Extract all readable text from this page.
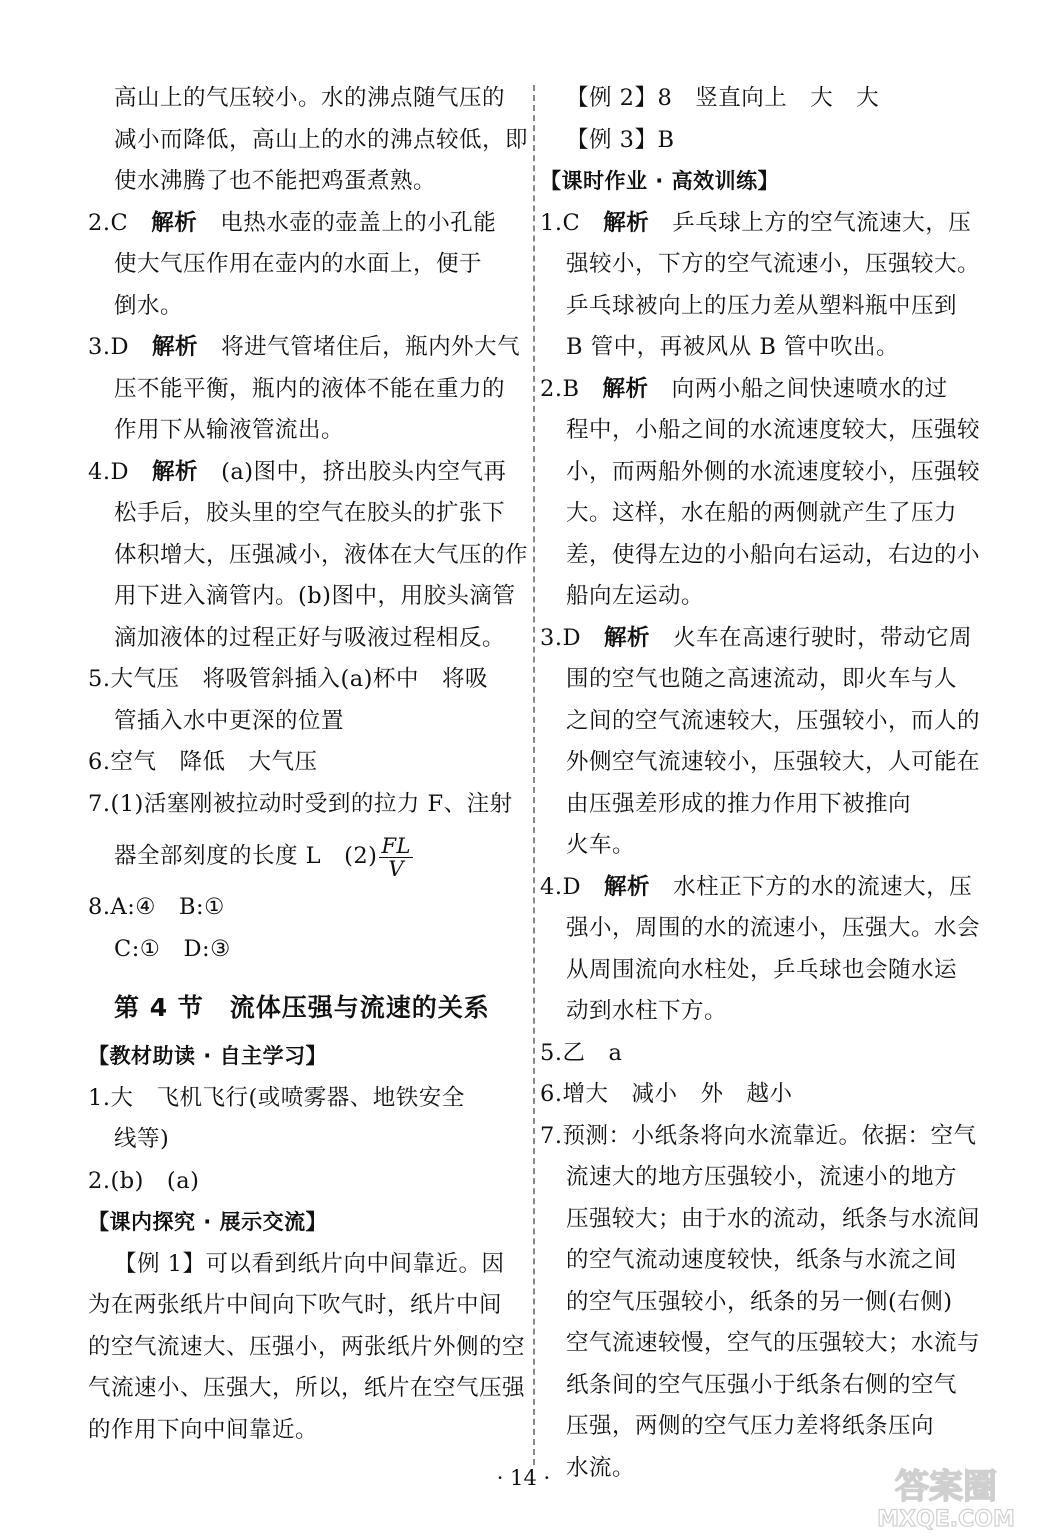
高山上的气压较小。水的沸点随气压的
减小而降低，高山上的水的沸点较低，即
使水沸腾了也不能把鸡蛋煮熟。
2.C　 解析　 电热水壶的壶盖上的小孔能
使大气压作用在壶内的水面上，便于
倒水。
3.D　 解析　 将进气管堵住后，瓶内外大气
压不能平衡，瓶内的液体不能在重力的
作用下从输液管流出。
4.D　 解析　 (a)图中，挤出胶头内空气再
松手后，胶头里的空气在胶头的扩张下
体积增大，压强减小，液体在大气压的作
用下进入滴管内。(b)图中，用胶头滴管
滴加液体的过程正好与吸液过程相反。
5.大气压　将吸管斜插入(a)杯中　将吸
管插入水中更深的位置
6.空气　降低　大气压
7.(1)活塞刚被拉动时受到的拉力 F、注射
器全部刻度的长度 L　$(2) \frac{FL}{V}$
8.A:④　B:①
C:①　D:③
第 4 节　流体压强与流速的关系
【教材助读 · 自主学习】
1.大　飞机飞行(或喷雾器、地铁安全
线等)
2.(b)　(a)
【课内探究 · 展示交流】
【例 1】可以看到纸片向中间靠近。因
为在两张纸片中间向下吹气时，纸片中间
的空气流速大、压强小，两张纸片外侧的空
气流速小、压强大，所以，纸片在空气压强
的作用下向中间靠近。
【例 2】8　竖直向上　大　大
【例 3】B
【课时作业 · 高效训练】
1.C　 解析　 乒乓球上方的空气流速大，压
强较小，下方的空气流速小，压强较大。
乒乓球被向上的压力差从塑料瓶中压到
B 管中，再被风从 B 管中吹出。
2.B　 解析　 向两小船之间快速喷水的过
程中，小船之间的水流速度较大，压强较
小，而两船外侧的水流速度较小，压强较
大。这样，水在船的两侧就产生了压力
差，使得左边的小船向右运动，右边的小
船向左运动。
3.D　 解析　 火车在高速行驶时，带动它周
围的空气也随之高速流动，即火车与人
之间的空气流速较大，压强较小，而人的
外侧空气流速较小，压强较大，人可能在
由压强差形成的推力作用下被推向
火车。
4.D　 解析　 水柱正下方的水的流速大，压
强小，周围的水的流速小，压强大。水会
从周围流向水柱处，乒乓球也会随水运
动到水柱下方。
5.乙　a
6.增大　减小　外　越小
7.预测：小纸条将向水流靠近。依据：空气
流速大的地方压强较小，流速小的地方
压强较大；由于水的流动，纸条与水流间
的空气流动速度较快，纸条与水流之间
的空气压强较小，纸条的另一侧(右侧)
空气流速较慢，空气的压强较大；水流与
纸条间的空气压强小于纸条右侧的空气
压强，两侧的空气压力差将纸条压向
水流。
· 14 ·	答案圈
MXQE.COM
